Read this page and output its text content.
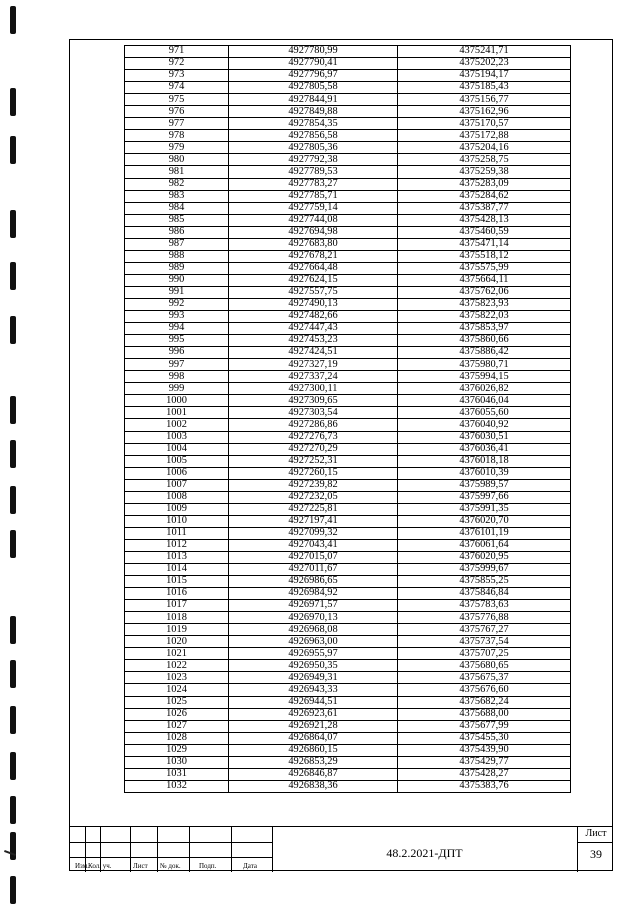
971	4927780,99	4375241,71
972	4927790,41	4375202,23
973	4927796,97	4375194,17
974	4927805,58	4375185,43
975	4927844,91	4375156,77
976	4927849,88	4375162,96
977	4927854,35	4375170,57
978	4927856,58	4375172,88
979	4927805,36	4375204,16
980	4927792,38	4375258,75
981	4927789,53	4375259,38
982	4927783,27	4375283,09
983	4927785,71	4375284,62
984	4927759,14	4375387,77
985	4927744,08	4375428,13
986	4927694,98	4375460,59
987	4927683,80	4375471,14
988	4927678,21	4375518,12
989	4927664,48	4375575,99
990	4927624,15	4375664,11
991	4927557,75	4375762,06
992	4927490,13	4375823,93
993	4927482,66	4375822,03
994	4927447,43	4375853,97
995	4927453,23	4375860,66
996	4927424,51	4375886,42
997	4927327,19	4375980,71
998	4927337,24	4375994,15
999	4927300,11	4376026,82
1000	4927309,65	4376046,04
1001	4927303,54	4376055,60
1002	4927286,86	4376040,92
1003	4927276,73	4376030,51
1004	4927270,29	4376036,41
1005	4927252,31	4376018,18
1006	4927260,15	4376010,39
1007	4927239,82	4375989,57
1008	4927232,05	4375997,66
1009	4927225,81	4375991,35
1010	4927197,41	4376020,70
1011	4927099,32	4376101,19
1012	4927043,41	4376061,64
1013	4927015,07	4376020,95
1014	4927011,67	4375999,67
1015	4926986,65	4375855,25
1016	4926984,92	4375846,84
1017	4926971,57	4375783,63
1018	4926970,13	4375776,88
1019	4926968,08	4375767,27
1020	4926963,00	4375737,54
1021	4926955,97	4375707,25
1022	4926950,35	4375680,65
1023	4926949,31	4375675,37
1024	4926943,33	4375676,60
1025	4926944,51	4375682,24
1026	4926923,61	4375688,00
1027	4926921,28	4375677,99
1028	4926864,07	4375455,30
1029	4926860,15	4375439,90
1030	4926853,29	4375429,77
1031	4926846,87	4375428,27
1032	4926838,36	4375383,76
Изм. Кол. уч.	Лист № док.	Подп.	Дата
48.2.2021-ДПТ
Лист
39
